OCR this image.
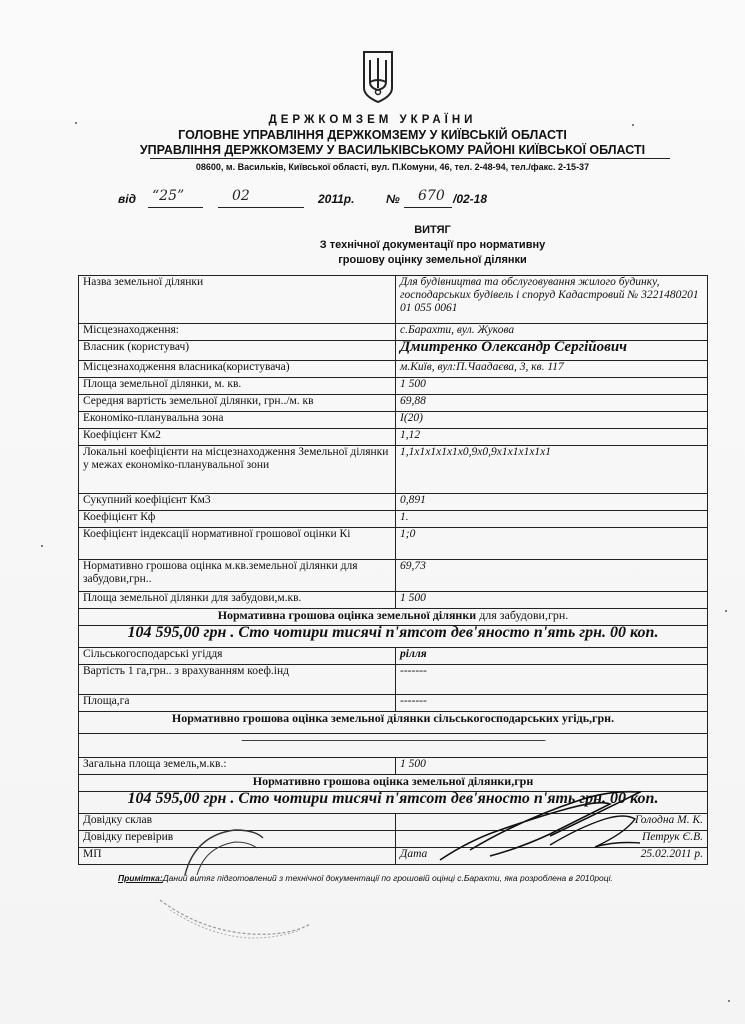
ДЕРЖКОМЗЕМ УКРАЇНИ
ГОЛОВНЕ УПРАВЛІННЯ ДЕРЖКОМЗЕМУ У КИЇВСЬКІЙ ОБЛАСТІ
УПРАВЛІННЯ ДЕРЖКОМЗЕМУ У ВАСИЛЬКІВСЬКОМУ РАЙОНІ КИЇВСЬКОЇ ОБЛАСТІ
08600, м. Васильків, Київської області, вул. П.Комуни, 46, тел. 2-48-94, тел./факс. 2-15-37
від “25”	02	2011р.	№ 670 /02-18
ВИТЯГ
З технічної документації про нормативну
грошову оцінку земельної ділянки
Назва земельної ділянки	Для будівництва та обслуговування жилого будинку, господарських будівель і споруд Кадастровий № 3221480201 01 055 0061
Місцезнаходження:	с.Барахти, вул. Жукова
Власник (користувач)	Дмитренко Олександр Сергійович
Місцезнаходження власника(користувача)	м.Київ, вул:П.Чаадаєва, 3, кв. 117
Площа земельної ділянки, м. кв.	1 500
Середня вартість земельної ділянки, грн../м. кв	69,88
Економіко-планувальна зона	І(20)
Коефіцієнт Км2	1,12
Локальні коефіцієнти на місцезнаходження Земельної ділянки у межах економіко-планувальної зони	1,1х1х1х1х1х0,9х0,9х1х1х1х1х1
Сукупний коефіцієнт Км3	0,891
Коефіцієнт Кф	1.
Коефіцієнт індексації нормативної грошової оцінки Кі	1;0
Нормативно грошова оцінка м.кв.земельної ділянки для забудови,грн..	69,73
Площа земельної ділянки для забудови,м.кв.	1 500
Нормативна грошова оцінка земельної ділянки для забудови,грн.	
104 595,00 грн . Сто чотири тисячі п'ятсот дев'яносто п'ять грн. 00 коп.	
Сільськогосподарські угіддя	рілля
Вартість 1 га,грн.. з врахуванням коеф.інд	-------
Площа,га	-------
Нормативно грошова оцінка земельної ділянки сільськогосподарських угідь,грн.	
------------------------------------------------------------------------------------------------------------------	
Загальна площа земель,м.кв.:	1 500
Нормативно грошова оцінка земельної ділянки,грн	
104 595,00 грн . Сто чотири тисячі п'ятсот дев'яносто п'ять грн. 00 коп.	
Довідку склав	Голодна М. К.
Довідку перевірив	Петрук Є.В.
МП	Дата 25.02.2011 р.
Примітка:Даний витяг підготовлений з технічної документації по грошовій оцінці с.Барахти, яка розроблена в 2010році.
